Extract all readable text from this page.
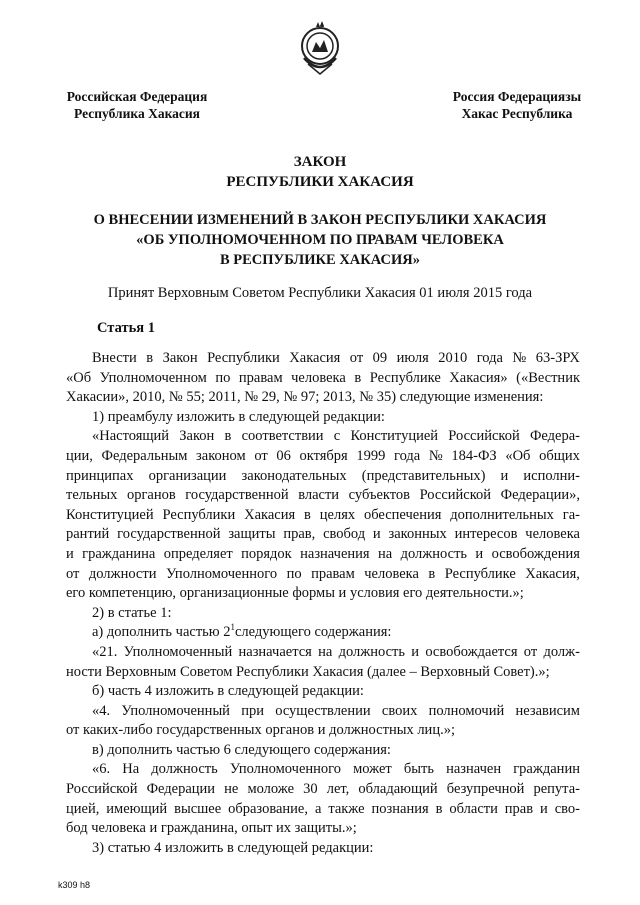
Российская Федерация
Республика Хакасия
Россия Федерациязы
Хакас Республика
ЗАКОН
РЕСПУБЛИКИ ХАКАСИЯ
О ВНЕСЕНИИ ИЗМЕНЕНИЙ В ЗАКОН РЕСПУБЛИКИ ХАКАСИЯ
«ОБ УПОЛНОМОЧЕННОМ ПО ПРАВАМ ЧЕЛОВЕКА
В РЕСПУБЛИКЕ ХАКАСИЯ»
Принят Верховным Советом Республики Хакасия 01 июля 2015 года
Статья 1
Внести в Закон Республики Хакасия от 09 июля 2010 года № 63-ЗРХ
«Об Уполномоченном по правам человека в Республике Хакасия» («Вестник
Хакасии», 2010, № 55; 2011, № 29, № 97; 2013, № 35) следующие изменения:
1) преамбулу изложить в следующей редакции:
«Настоящий Закон в соответствии с Конституцией Российской Федера-
ции, Федеральным законом от 06 октября 1999 года № 184-ФЗ «Об общих
принципах организации законодательных (представительных) и исполни-
тельных органов государственной власти субъектов Российской Федерации»,
Конституцией Республики Хакасия в целях обеспечения дополнительных га-
рантий государственной защиты прав, свобод и законных интересов человека
и гражданина определяет порядок назначения на должность и освобождения
от должности Уполномоченного по правам человека в Республике Хакасия,
его компетенцию, организационные формы и условия его деятельности.»;
2) в статье 1:
а) дополнить частью $2^1следующего$ содержания:
«21. Уполномоченный назначается на должность и освобождается от долж-
ности Верховным Советом Республики Хакасия (далее – Верховный Совет).»;
б) часть 4 изложить в следующей редакции:
«4. Уполномоченный при осуществлении своих полномочий независим
от каких-либо государственных органов и должностных лиц.»;
в) дополнить частью 6 следующего содержания:
«6. На должность Уполномоченного может быть назначен гражданин
Российской Федерации не моложе 30 лет, обладающий безупречной репута-
цией, имеющий высшее образование, а также познания в области прав и сво-
бод человека и гражданина, опыт их защиты.»;
3) статью 4 изложить в следующей редакции:
k309 h8
